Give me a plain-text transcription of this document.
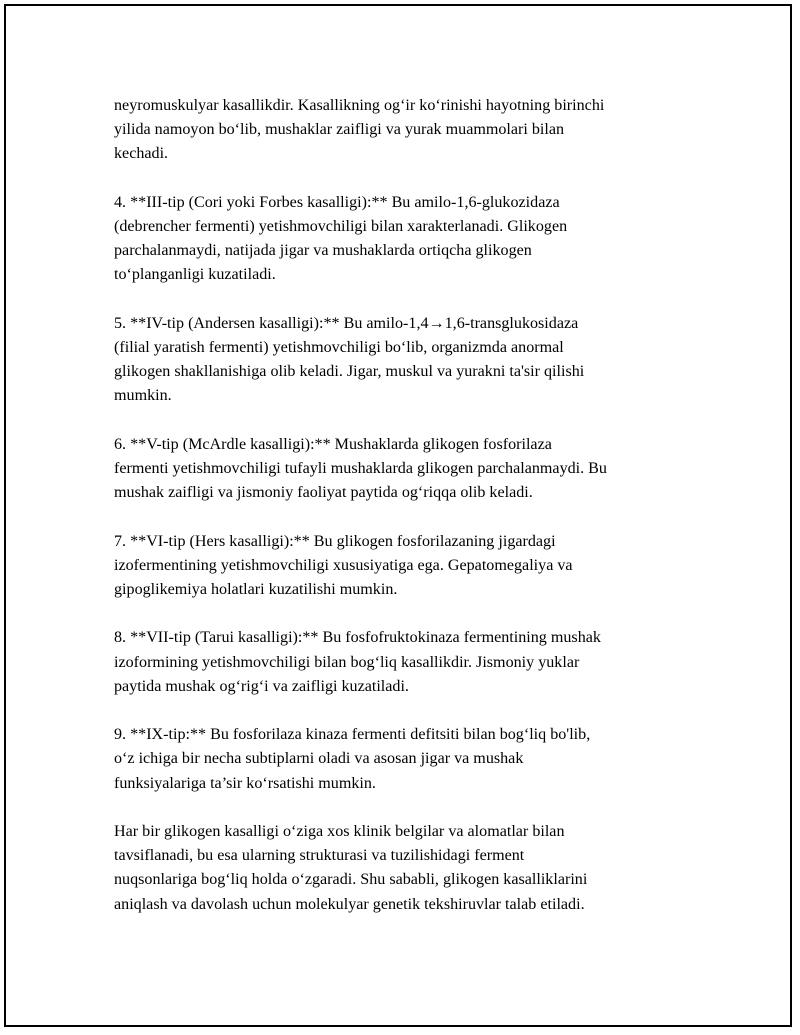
neyromuskulyar kasallikdir. Kasallikning og‘ir ko‘rinishi hayotning birinchi
yilida namoyon bo‘lib, mushaklar zaifligi va yurak muammolari bilan
kechadi.

4. **III-tip (Cori yoki Forbes kasalligi):** Bu amilo-1,6-glukozidaza
(debrencher fermenti) yetishmovchiligi bilan xarakterlanadi. Glikogen
parchalanmaydi, natijada jigar va mushaklarda ortiqcha glikogen
to‘planganligi kuzatiladi.

5. **IV-tip (Andersen kasalligi):** Bu amilo-1,4→1,6-transglukosidaza
(filial yaratish fermenti) yetishmovchiligi bo‘lib, organizmda anormal
glikogen shakllanishiga olib keladi. Jigar, muskul va yurakni ta'sir qilishi
mumkin.

6. **V-tip (McArdle kasalligi):** Mushaklarda glikogen fosforilaza
fermenti yetishmovchiligi tufayli mushaklarda glikogen parchalanmaydi. Bu
mushak zaifligi va jismoniy faoliyat paytida og‘riqqa olib keladi.

7. **VI-tip (Hers kasalligi):** Bu glikogen fosforilazaning jigardagi
izofermentining yetishmovchiligi xususiyatiga ega. Gepatomegaliya va
gipoglikemiya holatlari kuzatilishi mumkin.

8. **VII-tip (Tarui kasalligi):** Bu fosfofruktokinaza fermentining mushak
izoformining yetishmovchiligi bilan bog‘liq kasallikdir. Jismoniy yuklar
paytida mushak og‘rig‘i va zaifligi kuzatiladi.

9. **IX-tip:** Bu fosforilaza kinaza fermenti defitsiti bilan bog‘liq bo'lib,
o‘z ichiga bir necha subtiplarni oladi va asosan jigar va mushak
funksiyalariga ta’sir ko‘rsatishi mumkin.

Har bir glikogen kasalligi o‘ziga xos klinik belgilar va alomatlar bilan
tavsiflanadi, bu esa ularning strukturasi va tuzilishidagi ferment
nuqsonlariga bog‘liq holda o‘zgaradi. Shu sababli, glikogen kasalliklarini
aniqlash va davolash uchun molekulyar genetik tekshiruvlar talab etiladi.
